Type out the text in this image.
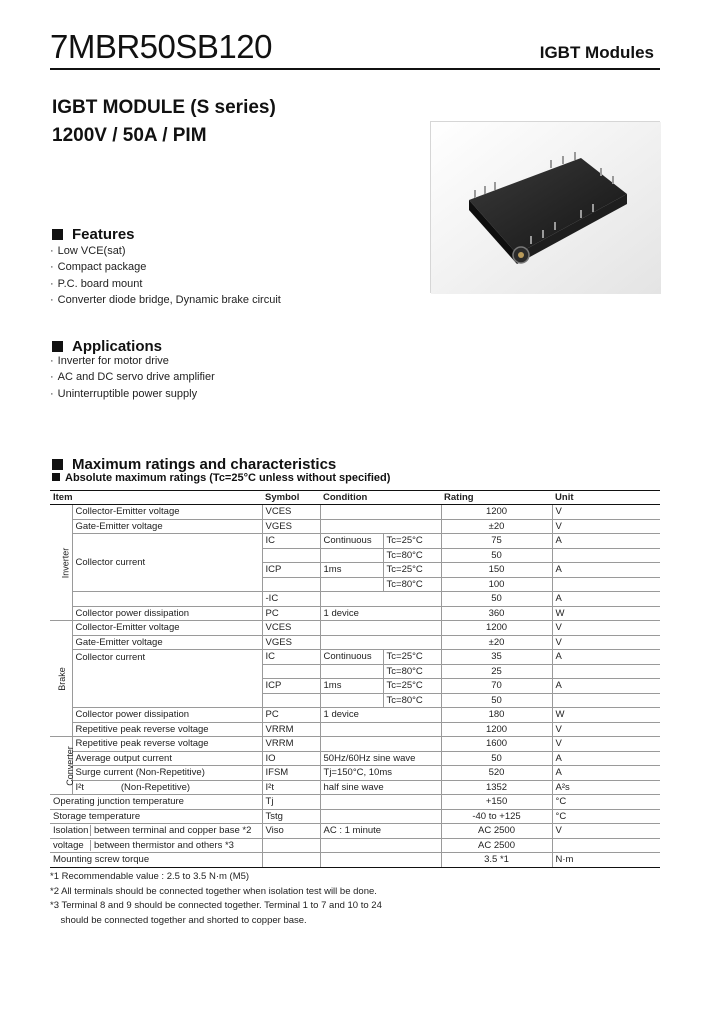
7MBR50SB120	IGBT Modules
IGBT MODULE (S series)
1200V / 50A / PIM
Features
· Low VCE(sat)
· Compact package
· P.C. board mount
· Converter diode bridge, Dynamic brake circuit
Applications
· Inverter for motor drive
· AC and DC servo drive amplifier
· Uninterruptible power supply
Maximum ratings and characteristics
Absolute maximum ratings (Tc=25°C unless without specified)
Item		Symbol	Condition		Rating	Unit
Inverter	Collector-Emitter voltage	VCES			1200	V
	Gate-Emitter voltage	VGES			±20	V
	Collector current	IC	Continuous	Tc=25°C	75	A
				Tc=80°C	50	
		ICP	1ms	Tc=25°C	150	A
				Tc=80°C	100	
		-IC			50	A
	Collector power dissipation	PC	1 device		360	W
Brake	Collector-Emitter voltage	VCES			1200	V
	Gate-Emitter voltage	VGES			±20	V
	Collector current	IC	Continuous	Tc=25°C	35	A
				Tc=80°C	25	
		ICP	1ms	Tc=25°C	70	A
				Tc=80°C	50	
	Collector power dissipation	PC	1 device		180	W
	Repetitive peak reverse voltage	VRRM			1200	V
Converter	Repetitive peak reverse voltage	VRRM			1600	V
	Average output current	IO	50Hz/60Hz sine wave		50	A
	Surge current (Non-Repetitive)	IFSM	Tj=150°C, 10ms		520	A
	I²t              (Non-Repetitive)	I²t	half sine wave		1352	A²s
Operating junction temperature		Tj			+150	°C
Storage temperature		Tstg			-40 to +125	°C
Isolation between terminal and copper base *2		Viso	AC : 1 minute		AC 2500	V
voltage between thermistor and others *3					AC 2500	
Mounting screw torque					3.5 *1	N·m
*1 Recommendable value : 2.5 to 3.5 N·m (M5)
*2 All terminals should be connected together when isolation test will be done.
*3 Terminal 8 and 9 should be connected together. Terminal 1 to 7 and 10 to 24
should be connected together and shorted to copper base.
